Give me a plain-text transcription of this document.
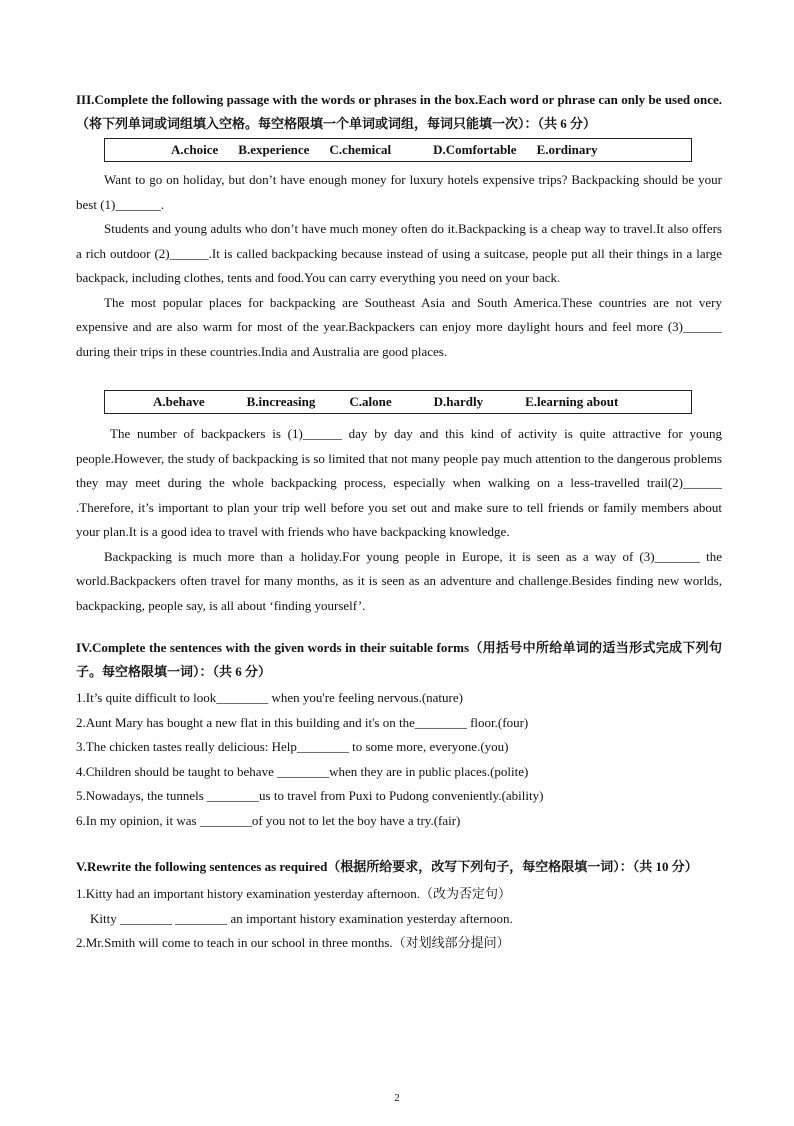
III.Complete the following passage with the words or phrases in the box.Each word or phrase can only be used once.（将下列单词或词组填入空格。每空格限填一个单词或词组，每词只能填一次）：（共 6 分）
A.choice B.experience C.chemical	D.Comfortable E.ordinary

Want to go on holiday, but don’t have enough money for luxury hotels expensive trips? Backpacking should be your best (1)_______.

Students and young adults who don’t have much money often do it.Backpacking is a cheap way to travel.It also offers a rich outdoor (2)______.It is called backpacking because instead of using a suitcase, people put all their things in a large backpack, including clothes, tents and food.You can carry everything you need on your back.

The most popular places for backpacking are Southeast Asia and South America.These countries are not very expensive and are also warm for most of the year.Backpackers can enjoy more daylight hours and feel more (3)______ during their trips in these countries.India and Australia are good places.

A.behave	B.increasing	C.alone	D.hardly	E.learning about

The number of backpackers is (1)______ day by day and this kind of activity is quite attractive for young people.However, the study of backpacking is so limited that not many people pay much attention to the dangerous problems they may meet during the whole backpacking process, especially when walking on a less-travelled trail(2)______ .Therefore, it’s important to plan your trip well before you set out and make sure to tell friends or family members about your plan.It is a good idea to travel with friends who have backpacking knowledge.

Backpacking is much more than a holiday.For young people in Europe, it is seen as a way of (3)_______ the world.Backpackers often travel for many months, as it is seen as an adventure and challenge.Besides finding new worlds, backpacking, people say, is all about ‘finding yourself’.

IV.Complete the sentences with the given words in their suitable forms（用括号中所给单词的适当形式完成下列句子。每空格限填一词）：（共 6 分）
1.It’s quite difficult to look________ when you're feeling nervous.(nature)
2.Aunt Mary has bought a new flat in this building and it's on the________ floor.(four)
3.The chicken tastes really delicious: Help________ to some more, everyone.(you)
4.Children should be taught to behave ________when they are in public places.(polite)
5.Nowadays, the tunnels ________us to travel from Puxi to Pudong conveniently.(ability)
6.In my opinion, it was ________of you not to let the boy have a try.(fair)
V.Rewrite the following sentences as required（根据所给要求，改写下列句子，每空格限填一词）：（共 10 分）
1.Kitty had an important history examination yesterday afternoon.（改为否定句）
Kitty ________ ________ an important history examination yesterday afternoon.
2.Mr.Smith will come to teach in our school in three months.（对划线部分提问）
2
